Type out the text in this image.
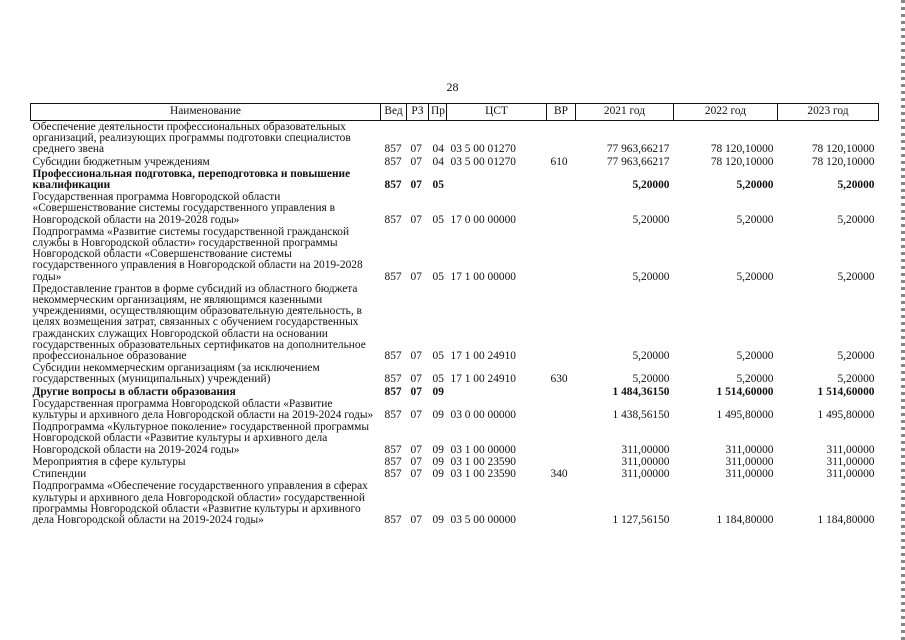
28
Наименование	Вед	РЗ	Пр	ЦСТ	ВР	2021 год	2022 год	2023 год
Обеспечение деятельности профессиональных образовательных организаций, реализующих программы подготовки специалистов среднего звена	857	07	04	03 5 00 01270		77 963,66217	78 120,10000	78 120,10000
Субсидии бюджетным учреждениям	857	07	04	03 5 00 01270	610	77 963,66217	78 120,10000	78 120,10000
Профессиональная подготовка, переподготовка и повышение квалификации	857	07	05			5,20000	5,20000	5,20000
Государственная программа Новгородской области «Совершенствование системы государственного управления в Новгородской области на 2019-2028 годы»	857	07	05	17 0 00 00000		5,20000	5,20000	5,20000
Подпрограмма «Развитие системы государственной гражданской службы в Новгородской области» государственной программы Новгородской области «Совершенствование системы государственного управления в Новгородской области на 2019-2028 годы»	857	07	05	17 1 00 00000		5,20000	5,20000	5,20000
Предоставление грантов в форме субсидий из областного бюджета некоммерческим организациям, не являющимся казенными учреждениями, осуществляющим образовательную деятельность, в целях возмещения затрат, связанных с обучением государственных гражданских служащих Новгородской области на основании государственных образовательных сертификатов на дополнительное профессиональное образование	857	07	05	17 1 00 24910		5,20000	5,20000	5,20000
Субсидии некоммерческим организациям (за исключением государственных (муниципальных) учреждений)	857	07	05	17 1 00 24910	630	5,20000	5,20000	5,20000
Другие вопросы в области образования	857	07	09			1 484,36150	1 514,60000	1 514,60000
Государственная программа Новгородской области «Развитие культуры и архивного дела Новгородской области на 2019-2024 годы»	857	07	09	03 0 00 00000		1 438,56150	1 495,80000	1 495,80000
Подпрограмма «Культурное поколение» государственной программы Новгородской области «Развитие культуры и архивного дела Новгородской области на 2019-2024 годы»	857	07	09	03 1 00 00000		311,00000	311,00000	311,00000
Мероприятия в сфере культуры	857	07	09	03 1 00 23590		311,00000	311,00000	311,00000
Стипендии	857	07	09	03 1 00 23590	340	311,00000	311,00000	311,00000
Подпрограмма «Обеспечение государственного управления в сферах культуры и архивного дела Новгородской области» государственной программы Новгородской области «Развитие культуры и архивного дела Новгородской области на 2019-2024 годы»	857	07	09	03 5 00 00000		1 127,56150	1 184,80000	1 184,80000
